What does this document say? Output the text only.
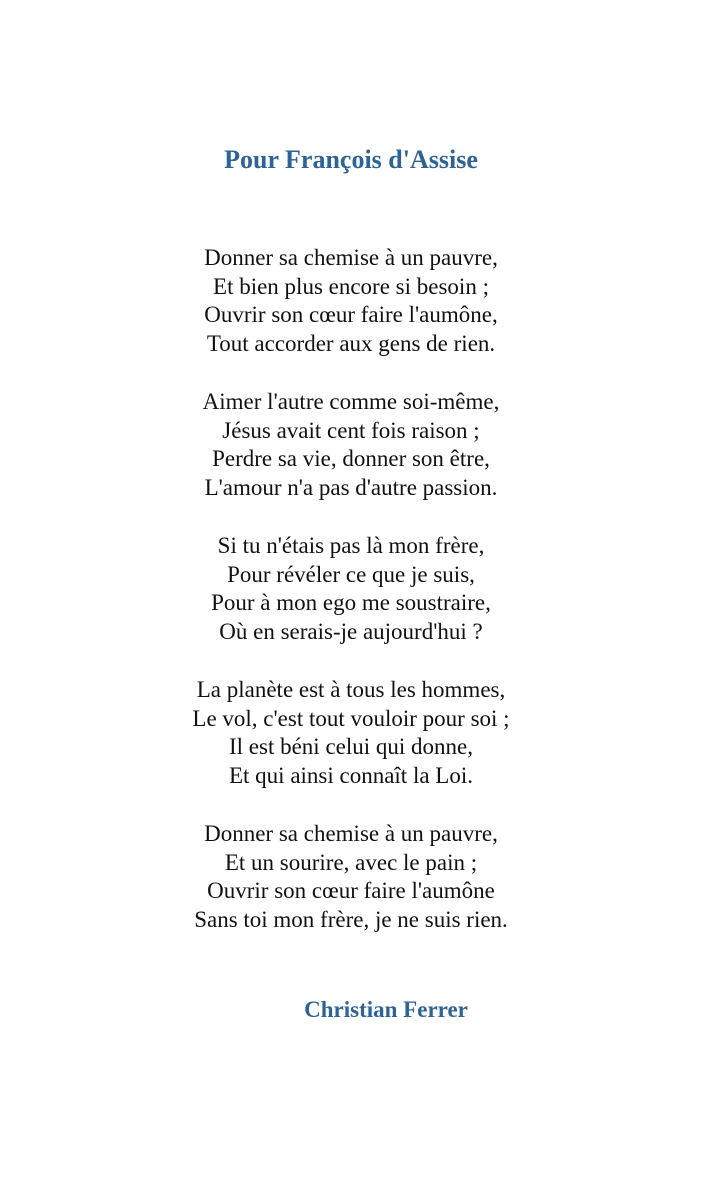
Pour François d'Assise
Donner sa chemise à un pauvre,
Et bien plus encore si besoin ;
Ouvrir son cœur faire l'aumône,
Tout accorder aux gens de rien.
Aimer l'autre comme soi-même,
Jésus avait cent fois raison ;
Perdre sa vie, donner son être,
L'amour n'a pas d'autre passion.
Si tu n'étais pas là mon frère,
Pour révéler ce que je suis,
Pour à mon ego me soustraire,
Où en serais-je aujourd'hui ?
La planète est à tous les hommes,
Le vol, c'est tout vouloir pour soi ;
Il est béni celui qui donne,
Et qui ainsi connaît la Loi.
Donner sa chemise à un pauvre,
Et un sourire, avec le pain ;
Ouvrir son cœur faire l'aumône
Sans toi mon frère, je ne suis rien.
Christian Ferrer
